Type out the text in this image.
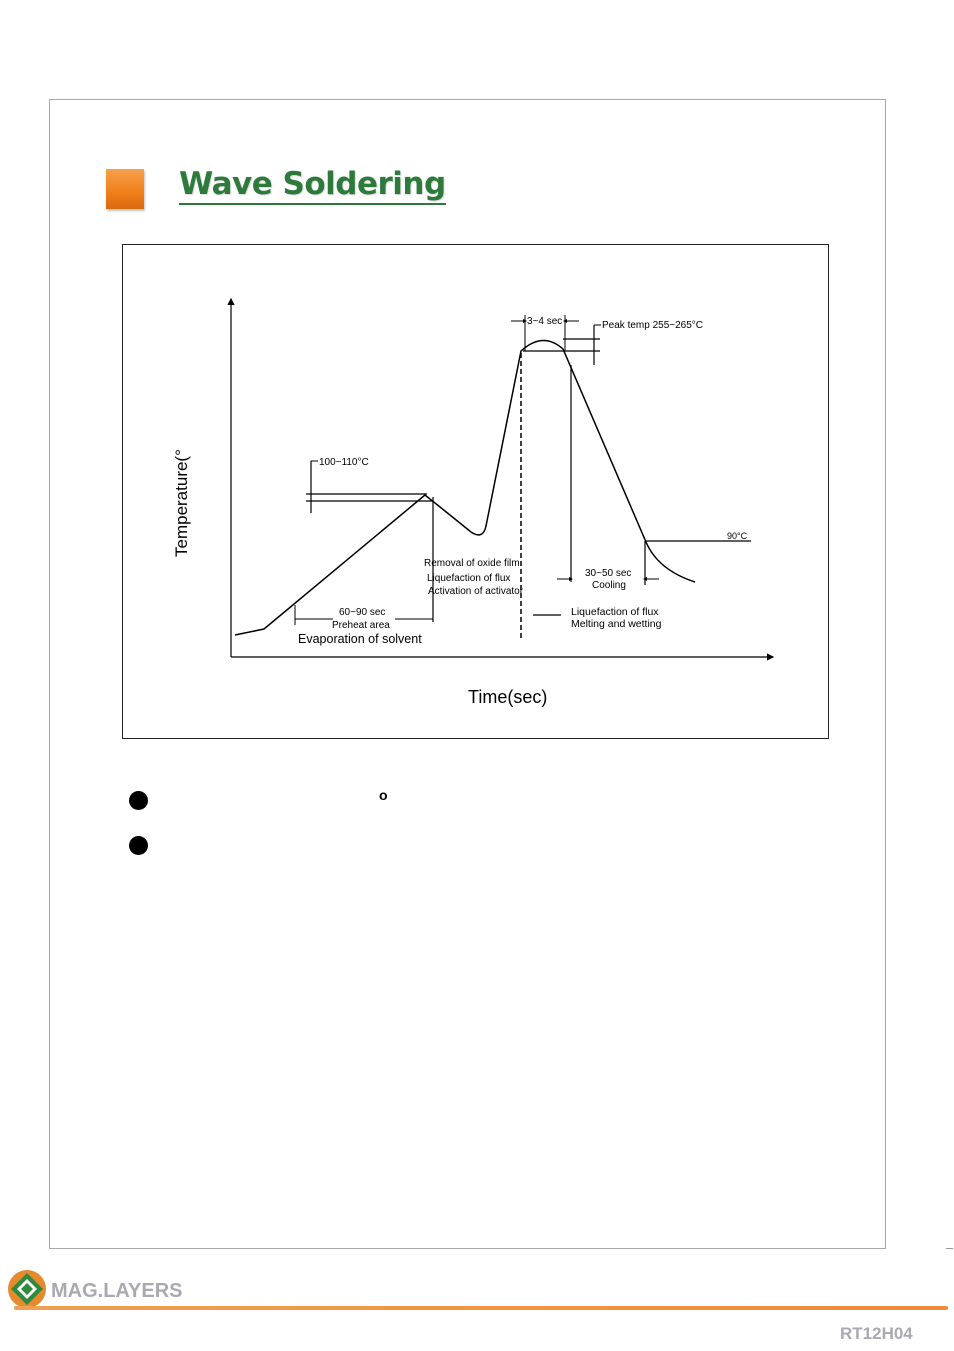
Wave Soldering
Temperature(°
Time(sec)
100~110°C
60~90 sec
Preheat area
Evaporation of solvent
Removal of oxide film
Liquefaction of flux
Activation of activator
3~4 sec	Peak temp 255~265°C
90°C
30~50 sec
Cooling
Liquefaction of flux
Melting and wetting
o
MAG.LAYERS
RT12H04
